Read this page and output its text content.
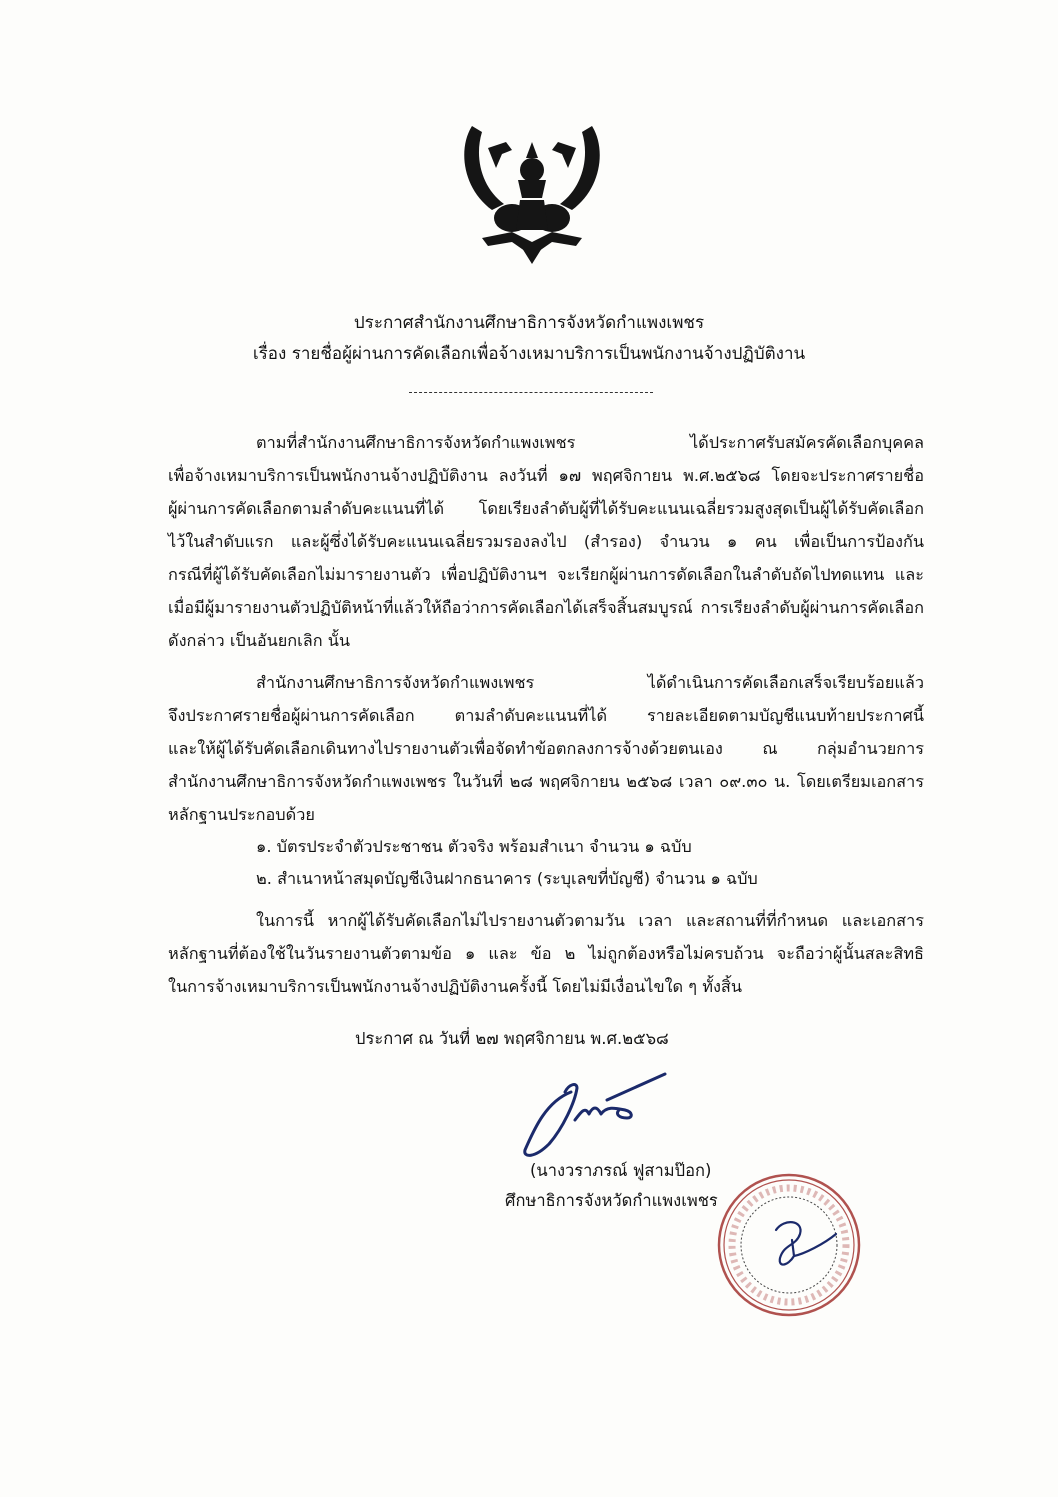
ประกาศสำนักงานศึกษาธิการจังหวัดกำแพงเพชร
เรื่อง รายชื่อผู้ผ่านการคัดเลือกเพื่อจ้างเหมาบริการเป็นพนักงานจ้างปฏิบัติงาน
ตามที่สำนักงานศึกษาธิการจังหวัดกำแพงเพชร ได้ประกาศรับสมัครคัดเลือกบุคคล
เพื่อจ้างเหมาบริการเป็นพนักงานจ้างปฏิบัติงาน ลงวันที่ ๑๗ พฤศจิกายน พ.ศ.๒๕๖๘ โดยจะประกาศรายชื่อ
ผู้ผ่านการคัดเลือกตามลำดับคะแนนที่ได้ โดยเรียงลำดับผู้ที่ได้รับคะแนนเฉลี่ยรวมสูงสุดเป็นผู้ได้รับคัดเลือก
ไว้ในสำดับแรก และผู้ซึ่งได้รับคะแนนเฉลี่ยรวมรองลงไป (สำรอง) จำนวน ๑ คน เพื่อเป็นการป้องกัน
กรณีที่ผู้ได้รับคัดเลือกไม่มารายงานตัว เพื่อปฏิบัติงานฯ จะเรียกผู้ผ่านการดัดเลือกในลำดับถัดไปทดแทน และ
เมื่อมีผู้มารายงานตัวปฏิบัติหน้าที่แล้วให้ถือว่าการคัดเลือกได้เสร็จสิ้นสมบูรณ์ การเรียงลำดับผู้ผ่านการคัดเลือก
ดังกล่าว เป็นอันยกเลิก นั้น
สำนักงานศึกษาธิการจังหวัดกำแพงเพชร ได้ดำเนินการคัดเลือกเสร็จเรียบร้อยแล้ว
จึงประกาศรายชื่อผู้ผ่านการคัดเลือก ตามลำดับคะแนนที่ได้ รายละเอียดตามบัญชีแนบท้ายประกาศนี้
และให้ผู้ได้รับคัดเลือกเดินทางไปรายงานตัวเพื่อจัดทำข้อตกลงการจ้างด้วยตนเอง ณ กลุ่มอำนวยการ
สำนักงานศึกษาธิการจังหวัดกำแพงเพชร ในวันที่ ๒๘ พฤศจิกายน ๒๕๖๘ เวลา ๐๙.๓๐ น. โดยเตรียมเอกสาร
หลักฐานประกอบด้วย
๑. บัตรประจำตัวประชาชน ตัวจริง พร้อมสำเนา จำนวน ๑ ฉบับ
๒. สำเนาหน้าสมุดบัญชีเงินฝากธนาคาร (ระบุเลขที่บัญชี) จำนวน ๑ ฉบับ
ในการนี้ หากผู้ได้รับคัดเลือกไม่ไปรายงานตัวตามวัน เวลา และสถานที่ที่กำหนด และเอกสาร
หลักฐานที่ต้องใช้ในวันรายงานตัวตามข้อ ๑ และ ข้อ ๒ ไม่ถูกต้องหรือไม่ครบถ้วน จะถือว่าผู้นั้นสละสิทธิ
ในการจ้างเหมาบริการเป็นพนักงานจ้างปฏิบัติงานครั้งนี้ โดยไม่มีเงื่อนไขใด ๆ ทั้งสิ้น
ประกาศ ณ วันที่ ๒๗ พฤศจิกายน พ.ศ.๒๕๖๘
(นางวราภรณ์ ฟูสามป๊อก)
ศึกษาธิการจังหวัดกำแพงเพชร
